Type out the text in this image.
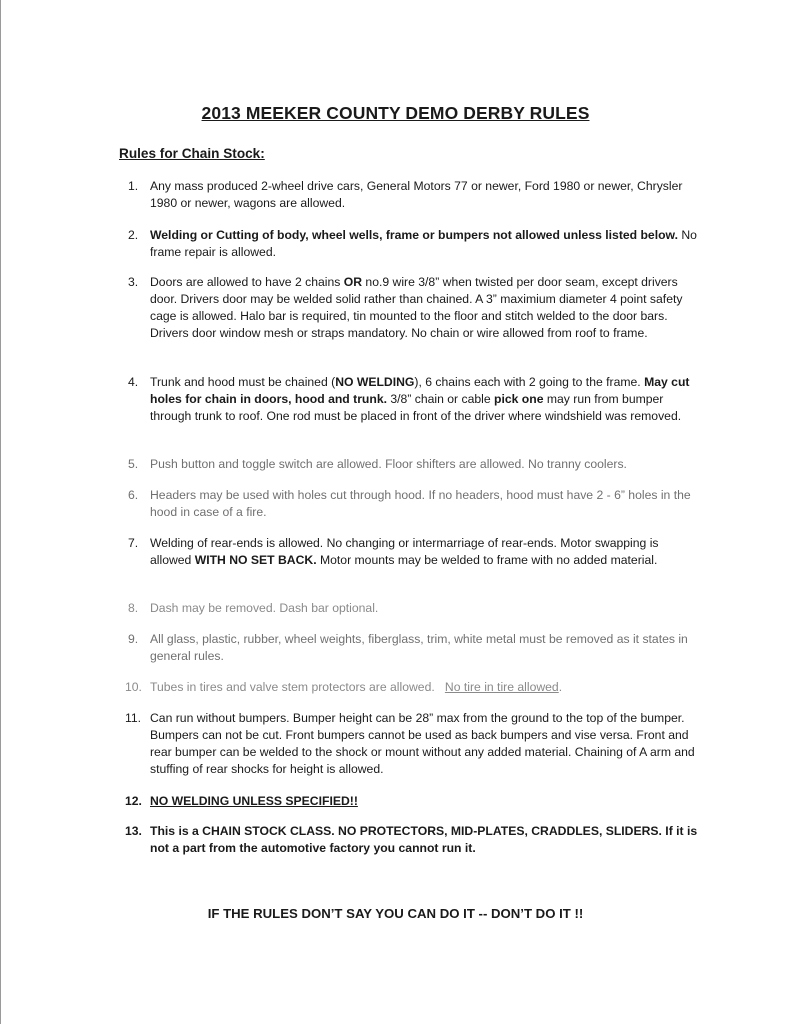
2013 MEEKER COUNTY DEMO DERBY RULES
Rules for Chain Stock:
1. Any mass produced 2-wheel drive cars, General Motors 77 or newer, Ford 1980 or newer, Chrysler 1980 or newer, wagons are allowed.
2. Welding or Cutting of body, wheel wells, frame or bumpers not allowed unless listed below. No frame repair is allowed.
3. Doors are allowed to have 2 chains OR no.9 wire 3/8” when twisted per door seam, except drivers door. Drivers door may be welded solid rather than chained. A 3” maximium diameter 4 point safety cage is allowed. Halo bar is required, tin mounted to the floor and stitch welded to the door bars. Drivers door window mesh or straps mandatory. No chain or wire allowed from roof to frame.
4. Trunk and hood must be chained (NO WELDING), 6 chains each with 2 going to the frame. May cut holes for chain in doors, hood and trunk. 3/8” chain or cable pick one may run from bumper through trunk to roof. One rod must be placed in front of the driver where windshield was removed.
5. Push button and toggle switch are allowed. Floor shifters are allowed. No tranny coolers.
6. Headers may be used with holes cut through hood. If no headers, hood must have 2 - 6” holes in the hood in case of a fire.
7. Welding of rear-ends is allowed. No changing or intermarriage of rear-ends. Motor swapping is allowed WITH NO SET BACK. Motor mounts may be welded to frame with no added material.
8. Dash may be removed. Dash bar optional.
9. All glass, plastic, rubber, wheel weights, fiberglass, trim, white metal must be removed as it states in general rules.
10. Tubes in tires and valve stem protectors are allowed. No tire in tire allowed.
11. Can run without bumpers. Bumper height can be 28” max from the ground to the top of the bumper. Bumpers can not be cut. Front bumpers cannot be used as back bumpers and vise versa. Front and rear bumper can be welded to the shock or mount without any added material. Chaining of A arm and stuffing of rear shocks for height is allowed.
12. NO WELDING UNLESS SPECIFIED!!
13. This is a CHAIN STOCK CLASS. NO PROTECTORS, MID-PLATES, CRADDLES, SLIDERS. If it is not a part from the automotive factory you cannot run it.
IF THE RULES DON’T SAY YOU CAN DO IT -- DON’T DO IT !!
